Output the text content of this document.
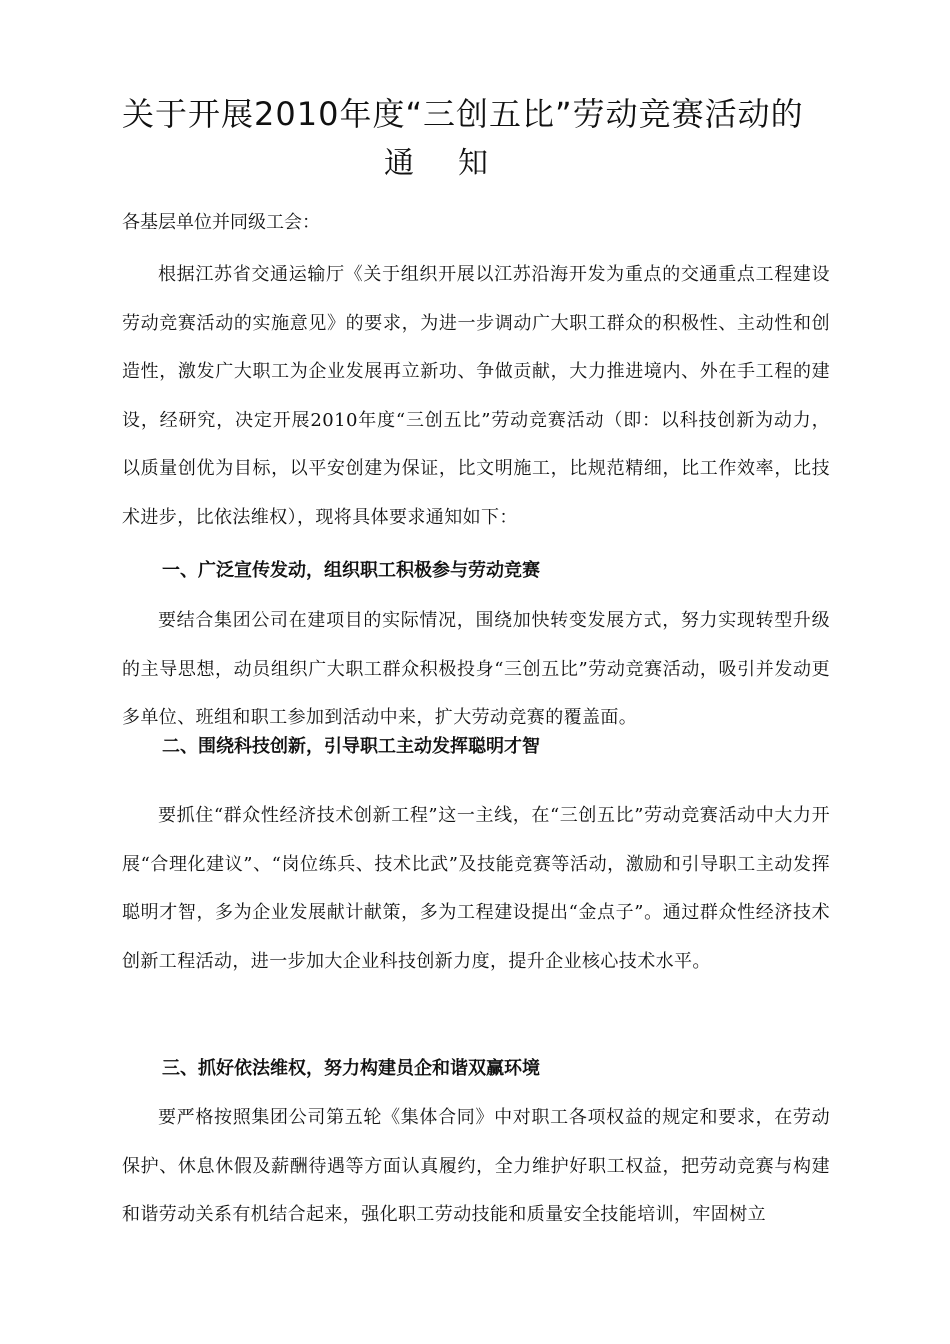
关于开展2010年度“三创五比”劳动竞赛活动的
通 知
各基层单位并同级工会：
根据江苏省交通运输厅《关于组织开展以江苏沿海开发为重点的交通重点工程建设劳动竞赛活动的实施意见》的要求，为进一步调动广大职工群众的积极性、主动性和创造性，激发广大职工为企业发展再立新功、争做贡献，大力推进境内、外在手工程的建设，经研究，决定开展2010年度“三创五比”劳动竞赛活动（即：以科技创新为动力，以质量创优为目标，以平安创建为保证，比文明施工，比规范精细，比工作效率，比技术进步，比依法维权），现将具体要求通知如下：
一、广泛宣传发动，组织职工积极参与劳动竞赛
要结合集团公司在建项目的实际情况，围绕加快转变发展方式，努力实现转型升级的主导思想，动员组织广大职工群众积极投身“三创五比”劳动竞赛活动，吸引并发动更多单位、班组和职工参加到活动中来，扩大劳动竞赛的覆盖面。
二、围绕科技创新，引导职工主动发挥聪明才智
要抓住“群众性经济技术创新工程”这一主线，在“三创五比”劳动竞赛活动中大力开展“合理化建议”、“岗位练兵、技术比武”及技能竞赛等活动，激励和引导职工主动发挥聪明才智，多为企业发展献计献策，多为工程建设提出“金点子”。通过群众性经济技术创新工程活动，进一步加大企业科技创新力度，提升企业核心技术水平。
三、抓好依法维权，努力构建员企和谐双赢环境
要严格按照集团公司第五轮《集体合同》中对职工各项权益的规定和要求，在劳动保护、休息休假及薪酬待遇等方面认真履约，全力维护好职工权益，把劳动竞赛与构建和谐劳动关系有机结合起来，强化职工劳动技能和质量安全技能培训，牢固树立
